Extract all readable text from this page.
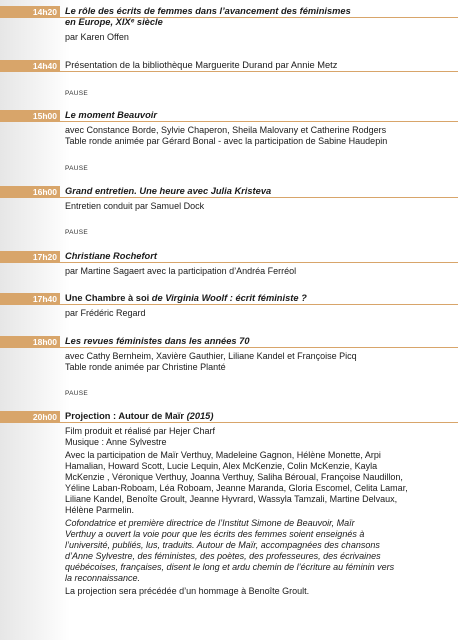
14h20 Le rôle des écrits de femmes dans l’avancement des féminismes
en Europe, XIXᵉ siècle
par Karen Offen
14h40 Présentation de la bibliothèque Marguerite Durand par Annie Metz
PAUSE
15h00 Le moment Beauvoir
avec Constance Borde, Sylvie Chaperon, Sheila Malovany et Catherine Rodgers
Table ronde animée par Gérard Bonal - avec la participation de Sabine Haudepin
PAUSE
16h00 Grand entretien. Une heure avec Julia Kristeva
Entretien conduit par Samuel Dock
PAUSE
17h20 Christiane Rochefort
par Martine Sagaert avec la participation d’Andréa Ferréol
17h40 Une Chambre à soi de Virginia Woolf : écrit féministe ?
par Frédéric Regard
18h00 Les revues féministes dans les années 70
avec Cathy Bernheim, Xavière Gauthier, Liliane Kandel et Françoise Picq
Table ronde animée par Christine Planté
PAUSE
20h00 Projection : Autour de Maïr (2015)
Film produit et réalisé par Hejer Charf
Musique : Anne Sylvestre
Avec la participation de Maïr Verthuy, Madeleine Gagnon, Hélène Monette, Arpi
Hamalian, Howard Scott, Lucie Lequin, Alex McKenzie, Colin McKenzie, Kayla
McKenzie , Véronique Verthuy, Joanna Verthuy, Saliha Béroual, Françoise Naudillon,
Yéline Laban-Roboam, Léa Roboam, Jeanne Maranda, Gloria Escomel, Celita Lamar,
Liliane Kandel, Benoîte Groult, Jeanne Hyvrard, Wassyla Tamzali, Martine Delvaux,
Hélène Parmelin.
Cofondatrice et première directrice de l’Institut Simone de Beauvoir, Maïr
Verthuy a ouvert la voie pour que les écrits des femmes soient enseignés à
l’université, publiés, lus, traduits. Autour de Maïr, accompagnées des chansons
d’Anne Sylvestre, des féministes, des poètes, des professeures, des écrivaines
québécoises, françaises, disent le long et ardu chemin de l’écriture au féminin vers
la reconnaissance.
La projection sera précédée d’un hommage à Benoîte Groult.
